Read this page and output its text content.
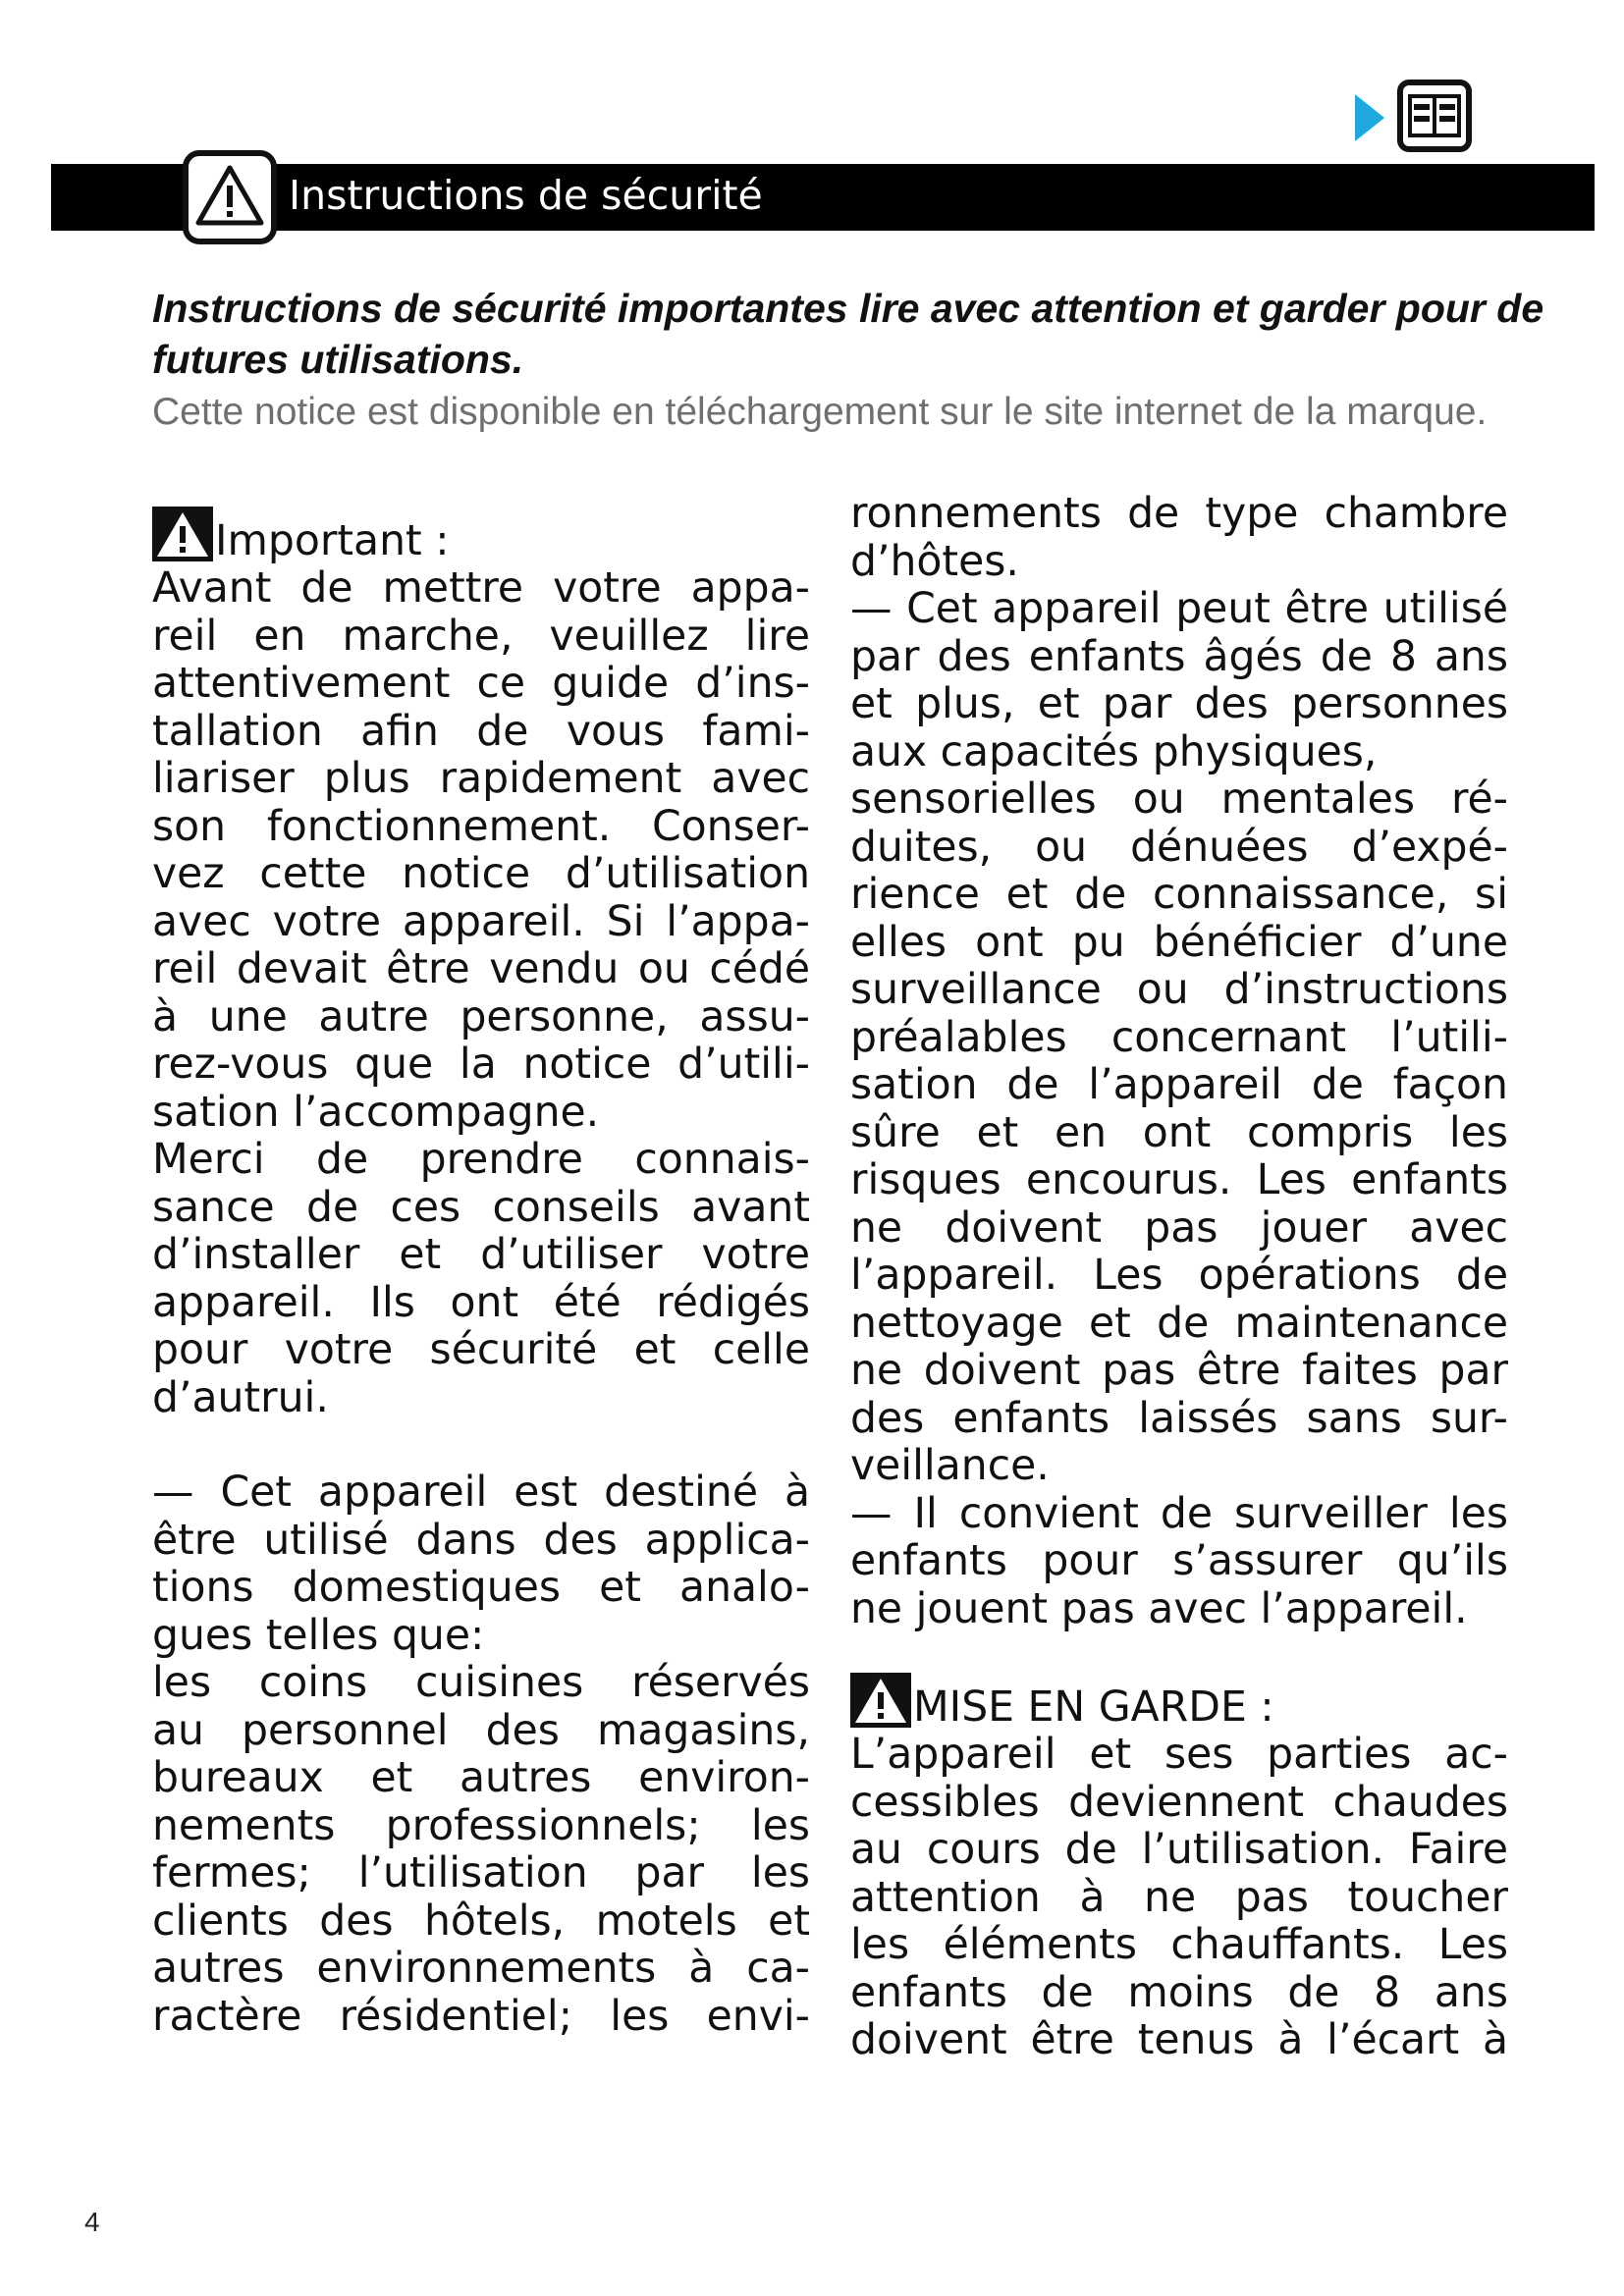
Instructions de sécurité
Instructions de sécurité importantes lire avec attention et garder pour de futures utilisations.
Cette notice est disponible en téléchargement sur le site internet de la marque.
Important :
Avant de mettre votre appa-
reil en marche, veuillez lire
attentivement ce guide d’ins-
tallation afin de vous fami-
liariser plus rapidement avec
son fonctionnement. Conser-
vez cette notice d’utilisation
avec votre appareil. Si l’appa-
reil devait être vendu ou cédé
à une autre personne, assu-
rez-vous que la notice d’utili-
sation l’accompagne.
Merci de prendre connais-
sance de ces conseils avant
d’installer et d’utiliser votre
appareil. Ils ont été rédigés
pour votre sécurité et celle
d’autrui.
— Cet appareil est destiné à
être utilisé dans des applica-
tions domestiques et analo-
gues telles que:
les coins cuisines réservés
au personnel des magasins,
bureaux et autres environ-
nements professionnels; les
fermes; l’utilisation par les
clients des hôtels, motels et
autres environnements à ca-
ractère résidentiel; les envi-
ronnements de type chambre
d’hôtes.
— Cet appareil peut être utilisé
par des enfants âgés de 8 ans
et plus, et par des personnes
aux capacités physiques,
sensorielles ou mentales ré-
duites, ou dénuées d’expé-
rience et de connaissance, si
elles ont pu bénéficier d’une
surveillance ou d’instructions
préalables concernant l’utili-
sation de l’appareil de façon
sûre et en ont compris les
risques encourus. Les enfants
ne doivent pas jouer avec
l’appareil. Les opérations de
nettoyage et de maintenance
ne doivent pas être faites par
des enfants laissés sans sur-
veillance.
— Il convient de surveiller les
enfants pour s’assurer qu’ils
ne jouent pas avec l’appareil.
MISE EN GARDE :
L’appareil et ses parties ac-
cessibles deviennent chaudes
au cours de l’utilisation. Faire
attention à ne pas toucher
les éléments chauffants. Les
enfants de moins de 8 ans
doivent être tenus à l’écart à
4
